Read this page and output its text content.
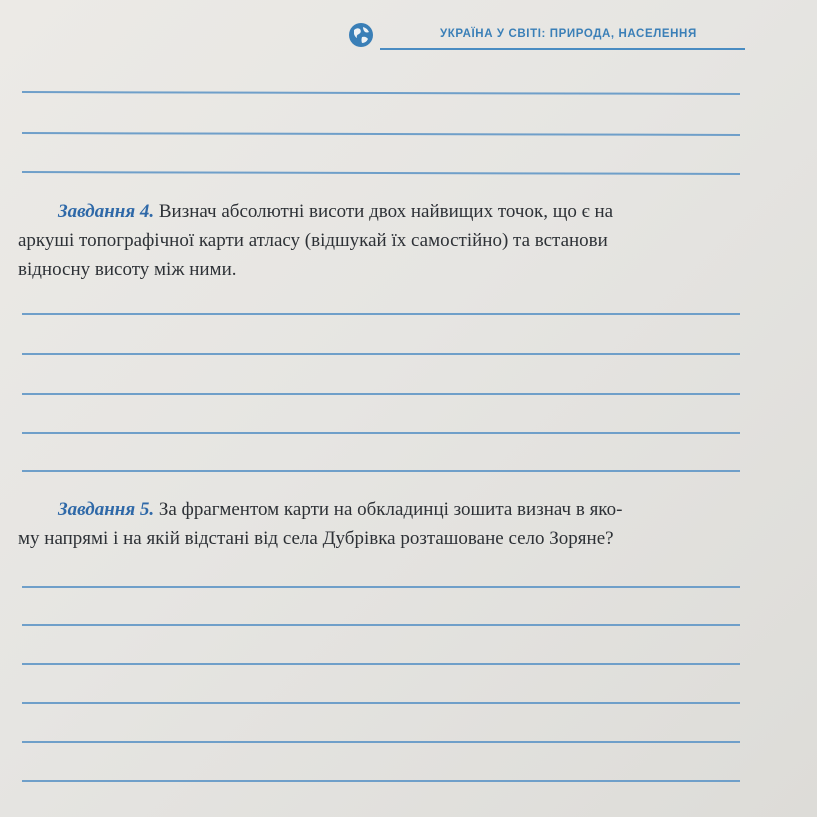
УКРАЇНА У СВІТІ: ПРИРОДА, НАСЕЛЕННЯ
Завдання 4. Визнач абсолютні висоти двох найвищих точок, що є на
аркуші топографічної карти атласу (відшукай їх самостійно) та встанови
відносну висоту між ними.
Завдання 5. За фрагментом карти на обкладинці зошита визнач в яко-
му напрямі і на якій відстані від села Дубрівка розташоване село Зоряне?
